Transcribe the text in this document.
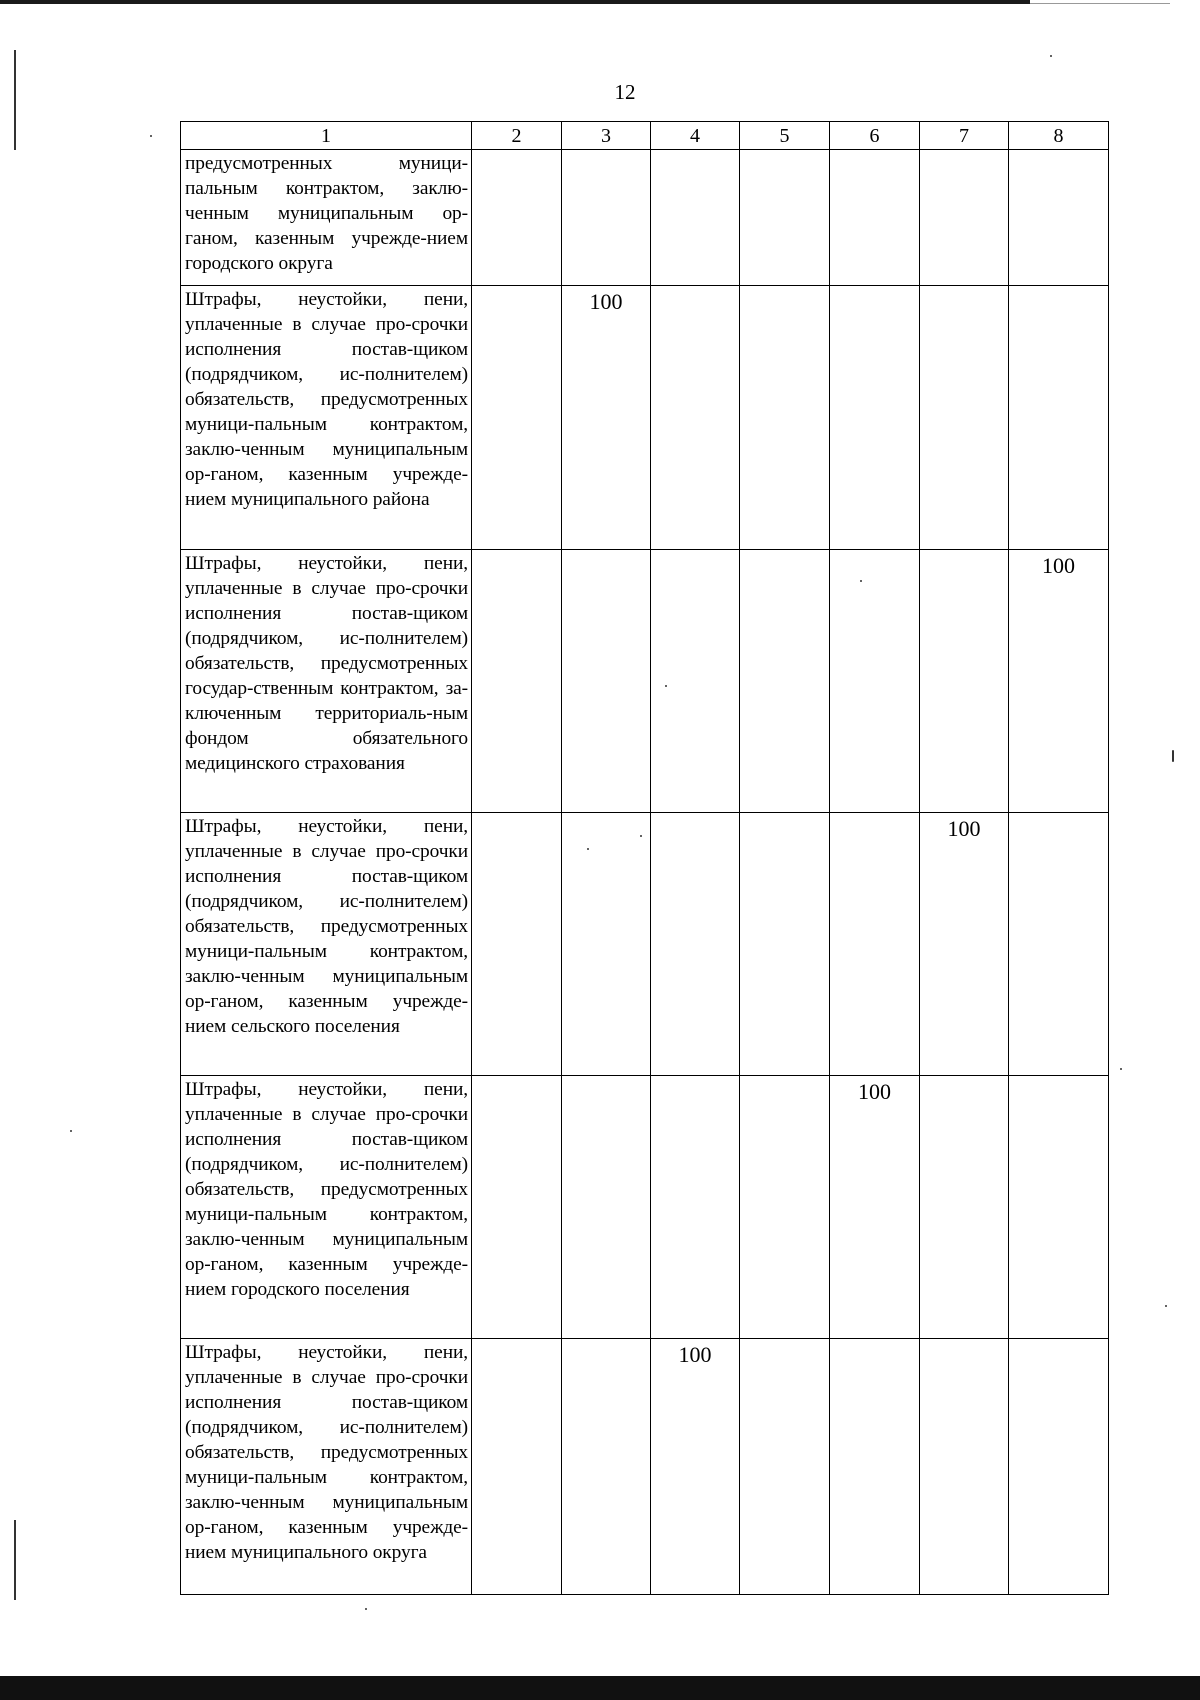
12
1	2	3	4	5	6	7	8
предусмотренных муници-пальным контрактом, заклю-ченным муниципальным ор-ганом, казенным учрежде-нием городского округа							
Штрафы, неустойки, пени, уплаченные в случае про-срочки исполнения постав-щиком (подрядчиком, ис-полнителем) обязательств, предусмотренных муници-пальным контрактом, заклю-ченным муниципальным ор-ганом, казенным учрежде-нием муниципального района		100					
Штрафы, неустойки, пени, уплаченные в случае про-срочки исполнения постав-щиком (подрядчиком, ис-полнителем) обязательств, предусмотренных государ-ственным контрактом, за-ключенным территориаль-ным фондом обязательного медицинского страхования							100
Штрафы, неустойки, пени, уплаченные в случае про-срочки исполнения постав-щиком (подрядчиком, ис-полнителем) обязательств, предусмотренных муници-пальным контрактом, заклю-ченным муниципальным ор-ганом, казенным учрежде-нием сельского поселения						100	
Штрафы, неустойки, пени, уплаченные в случае про-срочки исполнения постав-щиком (подрядчиком, ис-полнителем) обязательств, предусмотренных муници-пальным контрактом, заклю-ченным муниципальным ор-ганом, казенным учрежде-нием городского поселения					100		
Штрафы, неустойки, пени, уплаченные в случае про-срочки исполнения постав-щиком (подрядчиком, ис-полнителем) обязательств, предусмотренных муници-пальным контрактом, заклю-ченным муниципальным ор-ганом, казенным учрежде-нием муниципального округа			100				
